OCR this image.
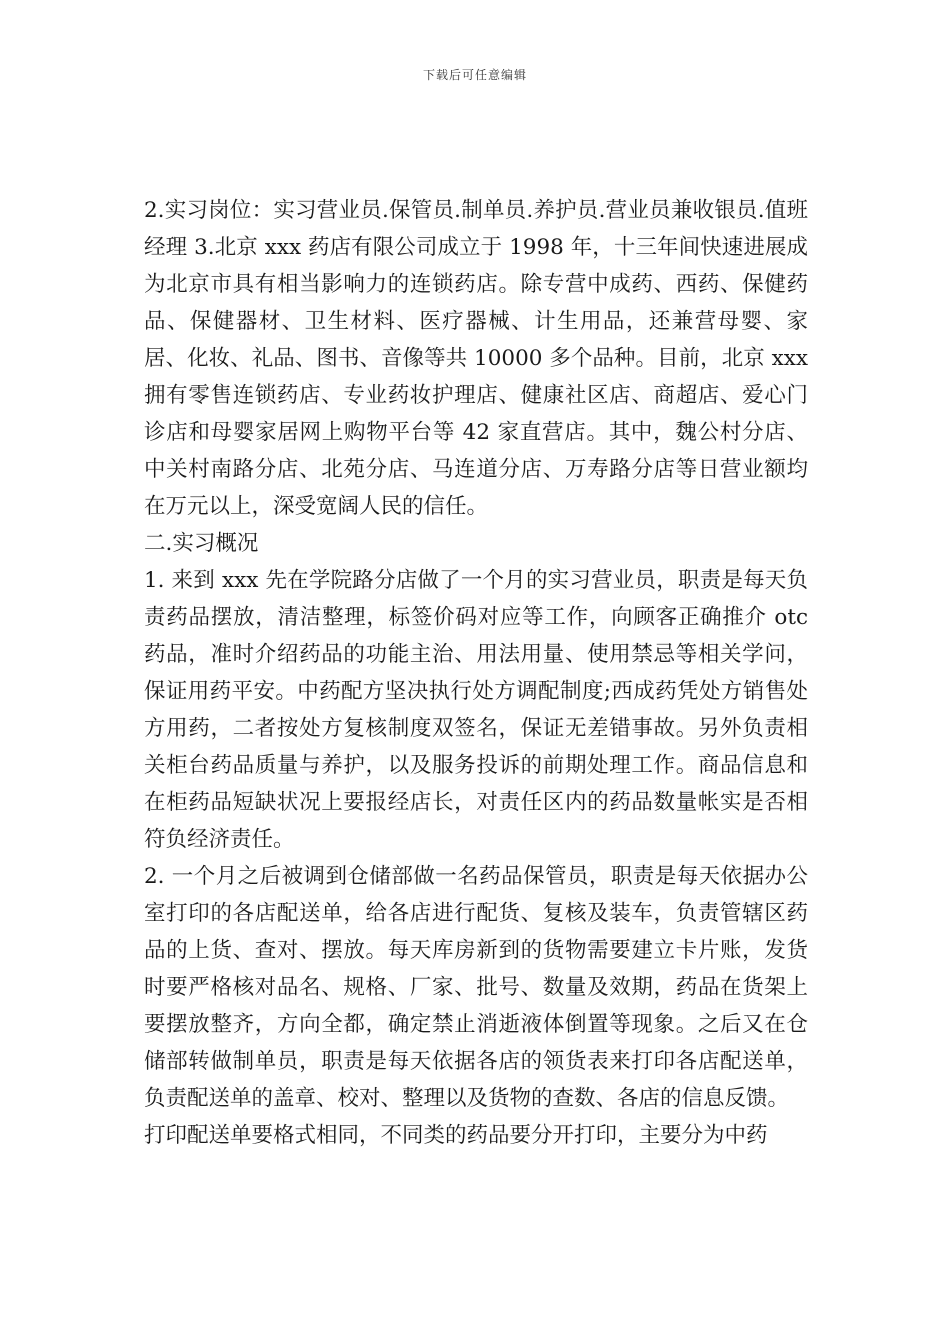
下载后可任意编辑

2.实习岗位：实习营业员.保管员.制单员.养护员.营业员兼收银员.值班经理 3.北京 xxx 药店有限公司成立于 1998 年，十三年间快速进展成为北京市具有相当影响力的连锁药店。除专营中成药、西药、保健药品、保健器材、卫生材料、医疗器械、计生用品，还兼营母婴、家居、化妆、礼品、图书、音像等共 10000 多个品种。目前，北京 xxx 拥有零售连锁药店、专业药妆护理店、健康社区店、商超店、爱心门诊店和母婴家居网上购物平台等 42 家直营店。其中，魏公村分店、中关村南路分店、北苑分店、马连道分店、万寿路分店等日营业额均在万元以上，深受宽阔人民的信任。

二.实习概况

1. 来到 xxx 先在学院路分店做了一个月的实习营业员，职责是每天负责药品摆放，清洁整理，标签价码对应等工作，向顾客正确推介 otc 药品，准时介绍药品的功能主治、用法用量、使用禁忌等相关学问，保证用药平安。中药配方坚决执行处方调配制度;西成药凭处方销售处方用药，二者按处方复核制度双签名，保证无差错事故。另外负责相关柜台药品质量与养护，以及服务投诉的前期处理工作。商品信息和在柜药品短缺状况上要报经店长，对责任区内的药品数量帐实是否相符负经济责任。

2. 一个月之后被调到仓储部做一名药品保管员，职责是每天依据办公室打印的各店配送单，给各店进行配货、复核及装车，负责管辖区药品的上货、查对、摆放。每天库房新到的货物需要建立卡片账，发货时要严格核对品名、规格、厂家、批号、数量及效期，药品在货架上要摆放整齐，方向全都，确定禁止消逝液体倒置等现象。之后又在仓储部转做制单员，职责是每天依据各店的领货表来打印各店配送单，负责配送单的盖章、校对、整理以及货物的查数、各店的信息反馈。

打印配送单要格式相同，不同类的药品要分开打印，主要分为中药
